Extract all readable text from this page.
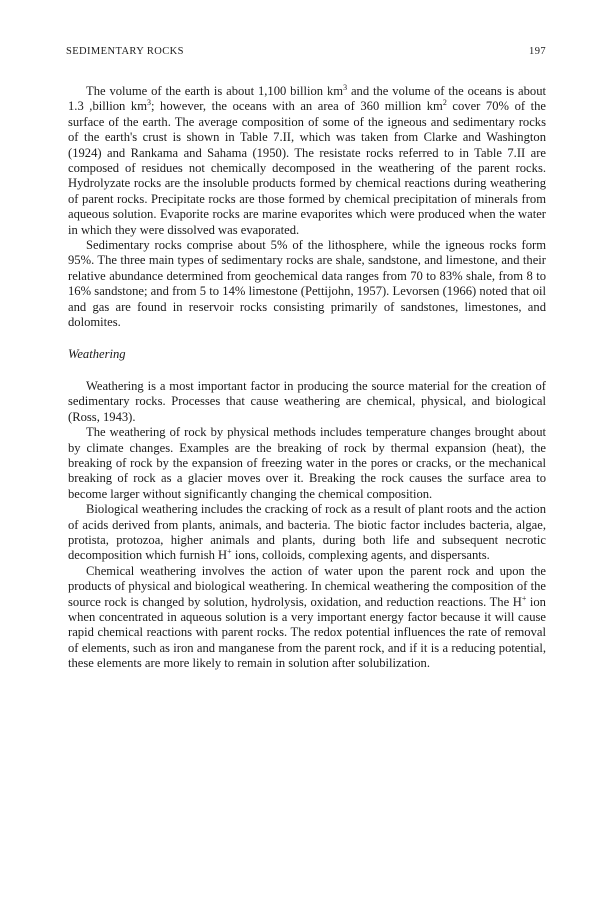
SEDIMENTARY ROCKS	197

The volume of the earth is about 1,100 billion $km^3$ and the volume of the oceans is about 1.3 ,billion $km^3$; however, the oceans with an area of 360 million $km^2$ cover 70% of the surface of the earth. The average composition of some of the igneous and sedimentary rocks of the earth's crust is shown in Table 7.II, which was taken from Clarke and Washington (1924) and Rankama and Sahama (1950). The resistate rocks referred to in Table 7.II are composed of residues not chemically decomposed in the weathering of the parent rocks. Hydrolyzate rocks are the insoluble products formed by chemical reactions during weathering of parent rocks. Precipitate rocks are those formed by chemical precipitation of minerals from aqueous solution. Evaporite rocks are marine evaporites which were produced when the water in which they were dissolved was evaporated.

Sedimentary rocks comprise about 5% of the lithosphere, while the igneous rocks form 95%. The three main types of sedimentary rocks are shale, sandstone, and limestone, and their relative abundance determined from geochemical data ranges from 70 to 83% shale, from 8 to 16% sandstone; and from 5 to 14% limestone (Pettijohn, 1957). Levorsen (1966) noted that oil and gas are found in reservoir rocks consisting primarily of sandstones, limestones, and dolomites.

Weathering

Weathering is a most important factor in producing the source material for the creation of sedimentary rocks. Processes that cause weathering are chemical, physical, and biological (Ross, 1943).

The weathering of rock by physical methods includes temperature changes brought about by climate changes. Examples are the breaking of rock by thermal expansion (heat), the breaking of rock by the expansion of freezing water in the pores or cracks, or the mechanical breaking of rock as a glacier moves over it. Breaking the rock causes the surface area to become larger without significantly changing the chemical composition.

Biological weathering includes the cracking of rock as a result of plant roots and the action of acids derived from plants, animals, and bacteria. The biotic factor includes bacteria, algae, protista, protozoa, higher animals and plants, during both life and subsequent necrotic decomposition which furnish H+ ions, colloids, complexing agents, and dispersants.

Chemical weathering involves the action of water upon the parent rock and upon the products of physical and biological weathering. In chemical weathering the composition of the source rock is changed by solution, hydrolysis, oxidation, and reduction reactions. The H+ ion when concentrated in aqueous solution is a very important energy factor because it will cause rapid chemical reactions with parent rocks. The redox potential influences the rate of removal of elements, such as iron and manganese from the parent rock, and if it is a reducing potential, these elements are more likely to remain in solution after solubilization.
